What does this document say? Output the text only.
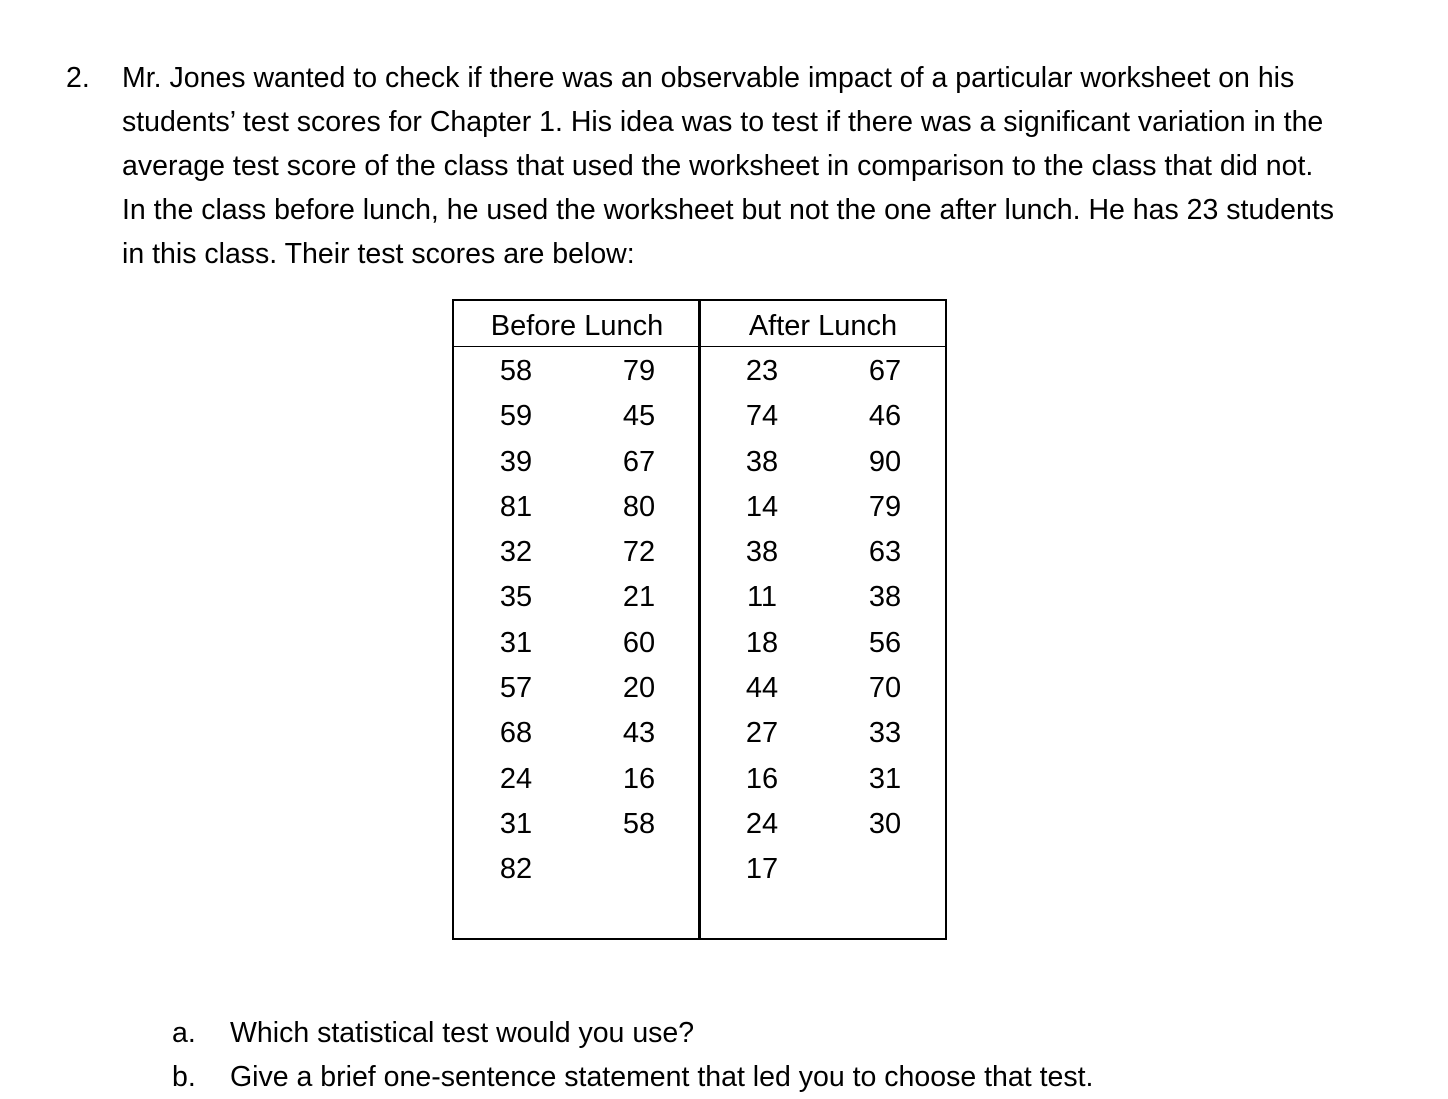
2. Mr. Jones wanted to check if there was an observable impact of a particular worksheet on his
students’ test scores for Chapter 1. His idea was to test if there was a significant variation in the
average test score of the class that used the worksheet in comparison to the class that did not.
In the class before lunch, he used the worksheet but not the one after lunch. He has 23 students
in this class. Their test scores are below:
Before Lunch
58
59
39
81
32
35
31
57
68
24
31
82
79
45
67
80
72
21
60
20
43
16
58
After Lunch
23
74
38
14
38
11
18
44
27
16
24
17
67
46
90
79
63
38
56
70
33
31
30
a. Which statistical test would you use?
b. Give a brief one-sentence statement that led you to choose that test.
